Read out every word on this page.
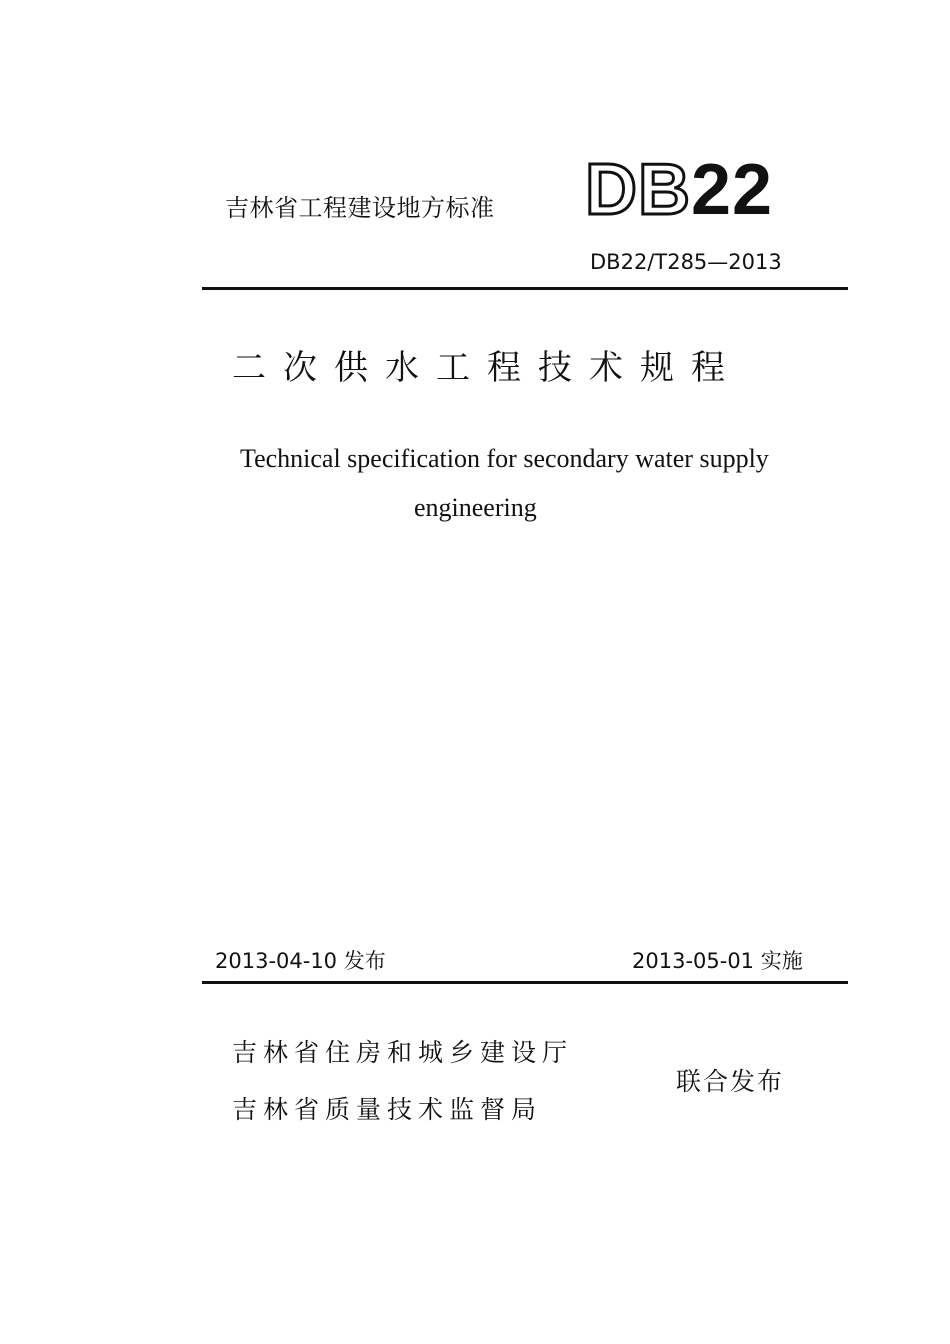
吉林省工程建设地方标准 DB22
DB22/T285—2013
二次供水工程技术规程
Technical specification for secondary water supply
engineering
2013-04-10 发布	2013-05-01 实施
吉林省住房和城乡建设厅
吉林省质量技术监督局
联合发布
